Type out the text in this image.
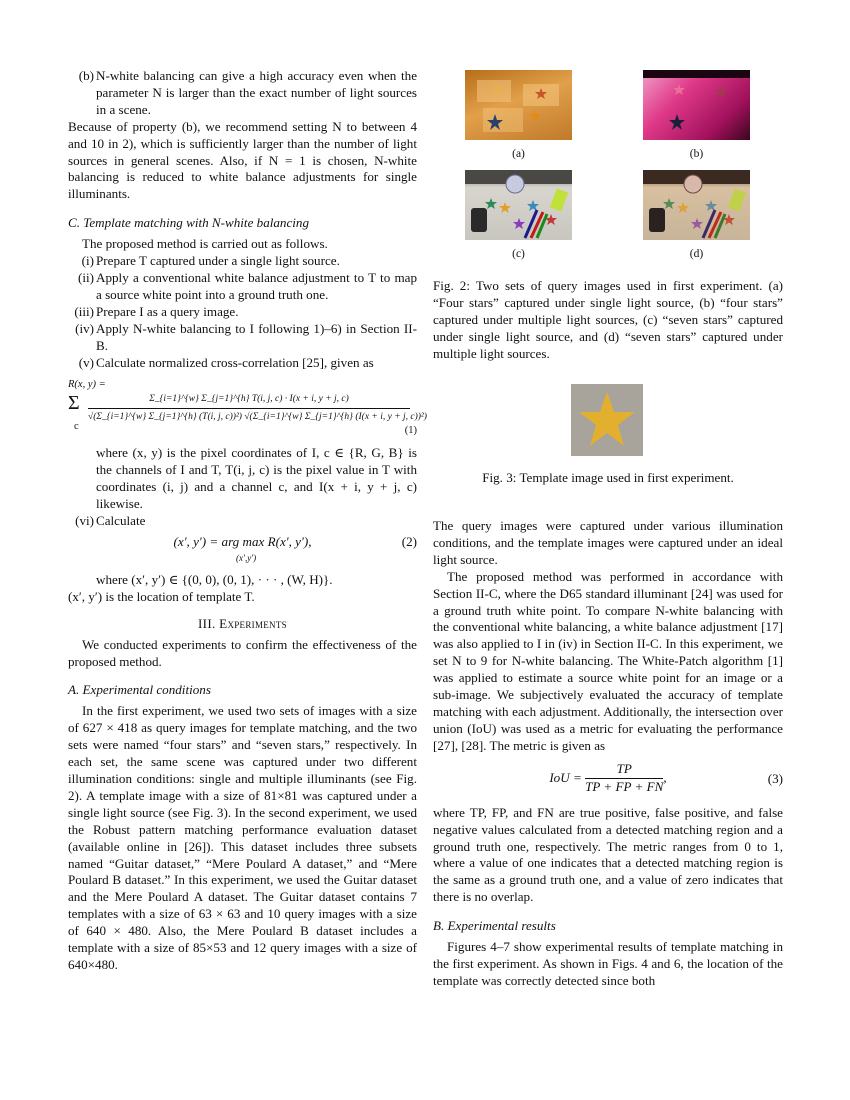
(b) N-white balancing can give a high accuracy even when the parameter N is larger than the exact number of light sources in a scene.

Because of property (b), we recommend setting N to between 4 and 10 in 2), which is sufficiently larger than the number of light sources in general scenes. Also, if N = 1 is chosen, N-white balancing is reduced to white balance adjustments for single illuminants.

C. Template matching with N-white balancing

The proposed method is carried out as follows.

(i) Prepare T captured under a single light source.
(ii) Apply a conventional white balance adjustment to T to map a source white point into a ground truth one.
(iii) Prepare I as a query image.
(iv) Apply N-white balancing to I following 1)–6) in Section II-B.
(v) Calculate normalized cross-correlation [25], given as
R(x, y) =
Σ
c
Σ_{i=1}^{w} Σ_{j=1}^{h} T(i, j, c) · I(x + i, y + j, c)
√(Σ_{i=1}^{w} Σ_{j=1}^{h} (T(i, j, c))²) √(Σ_{i=1}^{w} Σ_{j=1}^{h} (I(x + i, y + j, c))²)
(1)

where (x, y) is the pixel coordinates of I, c ∈ {R, G, B} is the channels of I and T, T(i, j, c) is the pixel value in T with coordinates (i, j) and a channel c, and I(x + i, y + j, c) likewise.

(vi) Calculate
(x′, y′) = arg max R(x′, y′),
(x′,y′)
(2)

where (x′, y′) ∈ {(0, 0), (0, 1), · · · , (W, H)}.

(x′, y′) is the location of template T.

III. Experiments

We conducted experiments to confirm the effectiveness of the proposed method.

A. Experimental conditions

In the first experiment, we used two sets of images with a size of 627 × 418 as query images for template matching, and the two sets were named “four stars” and “seven stars,” respectively. In each set, the same scene was captured under two different illumination conditions: single and multiple illuminants (see Fig. 2). A template image with a size of 81×81 was captured under a single light source (see Fig. 3). In the second experiment, we used the Robust pattern matching performance evaluation dataset (available online in [26]). This dataset includes three subsets named “Guitar dataset,” “Mere Poulard A dataset,” and “Mere Poulard B dataset.” In this experiment, we used the Guitar dataset and the Mere Poulard A dataset. The Guitar dataset contains 7 templates with a size of 63 × 63 and 10 query images with a size of 640 × 480. Also, the Mere Poulard B dataset includes a template with a size of 85×53 and 12 query images with a size of 640×480.

(a)	(b)
(c)	(d)
Fig. 2: Two sets of query images used in first experiment. (a) “Four stars” captured under single light source, (b) “four stars” captured under multiple light sources, (c) “seven stars” captured under single light source, and (d) “seven stars” captured under multiple light sources.
Fig. 3: Template image used in first experiment.

The query images were captured under various illumination conditions, and the template images were captured under an ideal light source.

The proposed method was performed in accordance with Section II-C, where the D65 standard illuminant [24] was used for a ground truth white point. To compare N-white balancing with the conventional white balancing, a white balance adjustment [17] was also applied to I in (iv) in Section II-C. In this experiment, we set N to 9 for N-white balancing. The White-Patch algorithm [1] was applied to estimate a source white point for an image or a sub-image. We subjectively evaluated the accuracy of template matching with each adjustment. Additionally, the intersection over union (IoU) was used as a metric for evaluating the performance [27], [28]. The metric is given as

IoU = $\frac{TP}{TP + FP + FN}$ ,	(3)

where TP, FP, and FN are true positive, false positive, and false negative values calculated from a detected matching region and a ground truth one, respectively. The metric ranges from 0 to 1, where a value of one indicates that a detected matching region is the same as a ground truth one, and a value of zero indicates that there is no overlap.

B. Experimental results

Figures 4–7 show experimental results of template matching in the first experiment. As shown in Figs. 4 and 6, the location of the template was correctly detected since both
